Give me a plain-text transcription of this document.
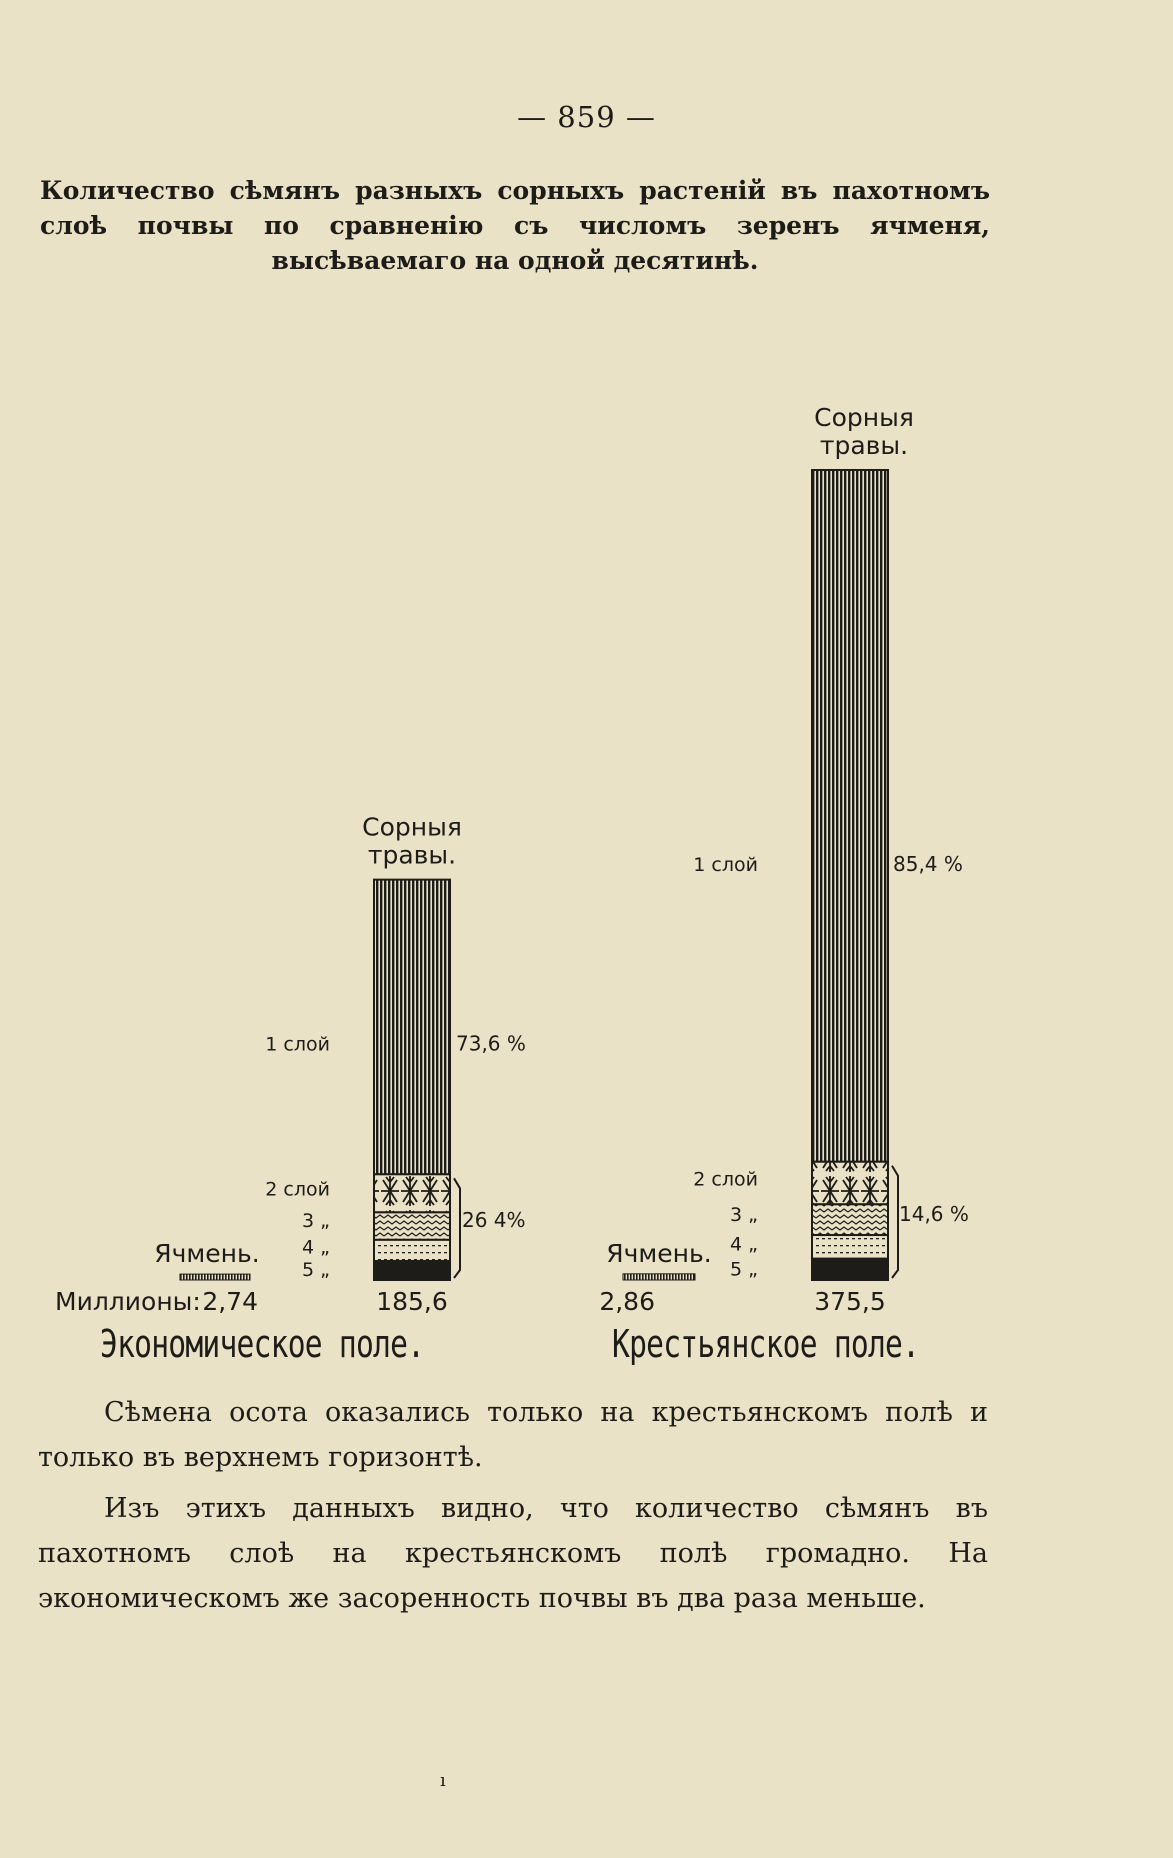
— 859 —
Количество сѣмянъ разныхъ сорныхъ растеній въ пахотномъ слоѣ почвы по сравненію съ числомъ зеренъ ячменя, высѣваемаго на одной десятинѣ.
Сорныя
травы.
1 слой
2 слой
3 „
4 „
5 „
73,6 %
26 4%
Ячмень.
2,74	185,6
Сорныя
травы.
1 слой
2 слой
3 „
4 „
5 „
85,4 %
14,6 %
Ячмень.
2,86	375,5
Миллионы:
Экономическое поле.	Крестьянское поле.
Сѣмена осота оказались только на крестьянскомъ полѣ и только въ верхнемъ горизонтѣ.
Изъ этихъ данныхъ видно, что количество сѣмянъ въ пахотномъ слоѣ на крестьянскомъ полѣ громадно. На экономическомъ же засоренность почвы въ два раза меньше.
ı
